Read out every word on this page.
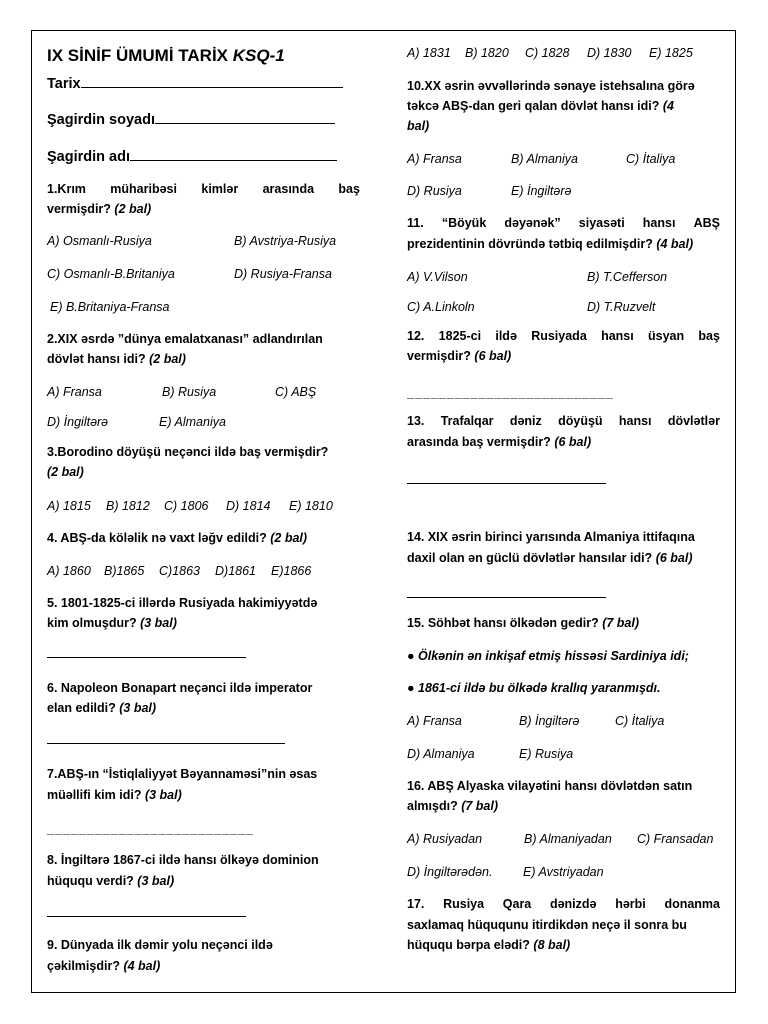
IX SİNİF ÜMUMİ TARİX KSQ-1
Tarix
Şagirdin soyadı
Şagirdin adı
1.Krım müharibəsi kimlər arasında baş
vermişdir? (2 bal)
A) Osmanlı-Rusiya	B) Avstriya-Rusiya
C) Osmanlı-B.Britaniya	D) Rusiya-Fransa
E) B.Britaniya-Fransa
2.XIX əsrdə ”dünya emalatxanası” adlandırılan
dövlət hansı idi? (2 bal)
A) Fransa	B) Rusiya	C) ABŞ
D) İngiltərə	E) Almaniya
3.Borodino döyüşü neçənci ildə baş vermişdir?
(2 bal)
A) 1815 B) 1812 C) 1806 D) 1814 E) 1810
4. ABŞ-da köləlik nə vaxt ləğv edildi? (2 bal)
A) 1860 B)1865 C)1863 D)1861 E)1866
5. 1801-1825-ci illərdə Rusiyada hakimiyyətdə
kim olmuşdur? (3 bal)
6. Napoleon Bonapart neçənci ildə imperator
elan edildi? (3 bal)
7.ABŞ-ın “İstiqlaliyyət Bəyannaməsi”nin əsas
müəllifi kim idi? (3 bal)
__________________________
8. İngiltərə 1867-ci ildə hansı ölkəyə dominion
hüququ verdi? (3 bal)
9. Dünyada ilk dəmir yolu neçənci ildə
çəkilmişdir? (4 bal)
A) 1831 B) 1820 C) 1828 D) 1830 E) 1825
10.XX əsrin əvvəllərində sənaye istehsalına görə
təkcə ABŞ-dan geri qalan dövlət hansı idi? (4
bal)
A) Fransa	B) Almaniya	C) İtaliya
D) Rusiya	E) İngiltərə
11. “Böyük dəyənək” siyasəti hansı ABŞ
prezidentinin dövründə tətbiq edilmişdir? (4 bal)
A) V.Vilson	B) T.Cefferson
C) A.Linkoln	D) T.Ruzvelt
12. 1825-ci ildə Rusiyada hansı üsyan baş
vermişdir? (6 bal)
__________________________
13. Trafalqar dəniz döyüşü hansı dövlətlər
arasında baş vermişdir? (6 bal)
14. XIX əsrin birinci yarısında Almaniya ittifaqına
daxil olan ən güclü dövlətlər hansılar idi? (6 bal)
15. Söhbət hansı ölkədən gedir? (7 bal)
● Ölkənin ən inkişaf etmiş hissəsi Sardiniya idi;
● 1861-ci ildə bu ölkədə krallıq yaranmışdı.
A) Fransa	B) İngiltərə	C) İtaliya
D) Almaniya	E) Rusiya
16. ABŞ Alyaska vilayətini hansı dövlətdən satın
almışdı? (7 bal)
A) Rusiyadan	B) Almaniyadan C) Fransadan
D) İngiltərədən. E) Avstriyadan
17. Rusiya Qara dənizdə hərbi donanma
saxlamaq hüququnu itirdikdən neçə il sonra bu
hüququ bərpa elədi? (8 bal)
